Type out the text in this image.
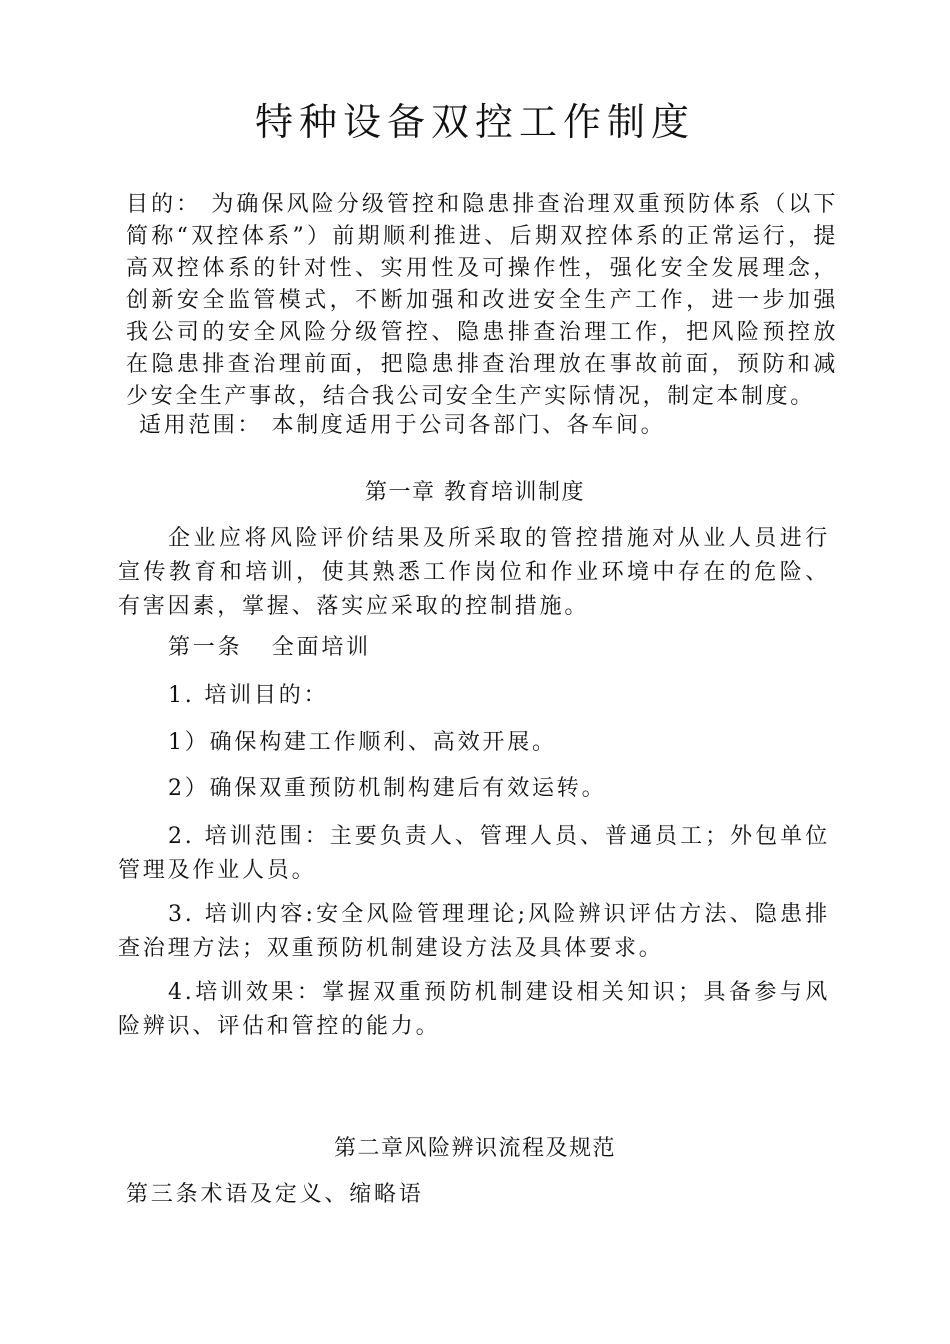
特种设备双控工作制度

目的： 为确保风险分级管控和隐患排查治理双重预防体系（以下简称“双控体系”）前期顺利推进、后期双控体系的正常运行，提高双控体系的针对性、实用性及可操作性，强化安全发展理念，创新安全监管模式，不断加强和改进安全生产工作，进一步加强我公司的安全风险分级管控、隐患排查治理工作，把风险预控放在隐患排查治理前面，把隐患排查治理放在事故前面，预防和减少安全生产事故，结合我公司安全生产实际情况，制定本制度。

适用范围： 本制度适用于公司各部门、各车间。

第一章 教育培训制度

企业应将风险评价结果及所采取的管控措施对从业人员进行宣传教育和培训，使其熟悉工作岗位和作业环境中存在的危险、有害因素，掌握、落实应采取的控制措施。

第一条   全面培训

1. 培训目的：

1）确保构建工作顺利、高效开展。

2）确保双重预防机制构建后有效运转。

2. 培训范围：主要负责人、管理人员、普通员工；外包单位管理及作业人员。

3. 培训内容:安全风险管理理论;风险辨识评估方法、隐患排查治理方法；双重预防机制建设方法及具体要求。

4.培训效果：掌握双重预防机制建设相关知识；具备参与风险辨识、评估和管控的能力。

第二章风险辨识流程及规范

第三条术语及定义、缩略语
